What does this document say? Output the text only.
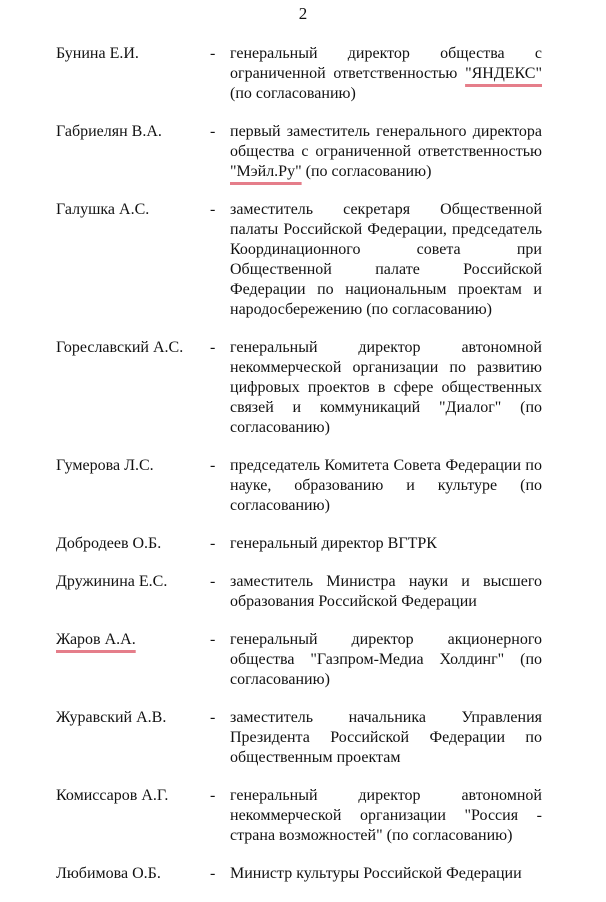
2
Бунина Е.И.	- генеральный директор общества с ограниченной ответственностью "ЯНДЕКС" (по согласованию)
Габриелян В.А.	- первый заместитель генерального директора общества с ограниченной ответственностью "Мэйл.Ру" (по согласованию)
Галушка А.С.	- заместитель секретаря Общественной палаты Российской Федерации, председатель Координационного совета при Общественной палате Российской Федерации по национальным проектам и народосбережению (по согласованию)
Гореславский А.С.	- генеральный директор автономной некоммерческой организации по развитию цифровых проектов в сфере общественных связей и коммуникаций "Диалог" (по согласованию)
Гумерова Л.С.	- председатель Комитета Совета Федерации по науке, образованию и культуре (по согласованию)
Добродеев О.Б.	- генеральный директор ВГТРК
Дружинина Е.С.	- заместитель Министра науки и высшего образования Российской Федерации
Жаров А.А.	- генеральный директор акционерного общества "Газпром-Медиа Холдинг" (по согласованию)
Журавский А.В.	- заместитель начальника Управления Президента Российской Федерации по общественным проектам
Комиссаров А.Г.	- генеральный директор автономной некоммерческой организации "Россия - страна возможностей" (по согласованию)
Любимова О.Б.	- Министр культуры Российской Федерации
